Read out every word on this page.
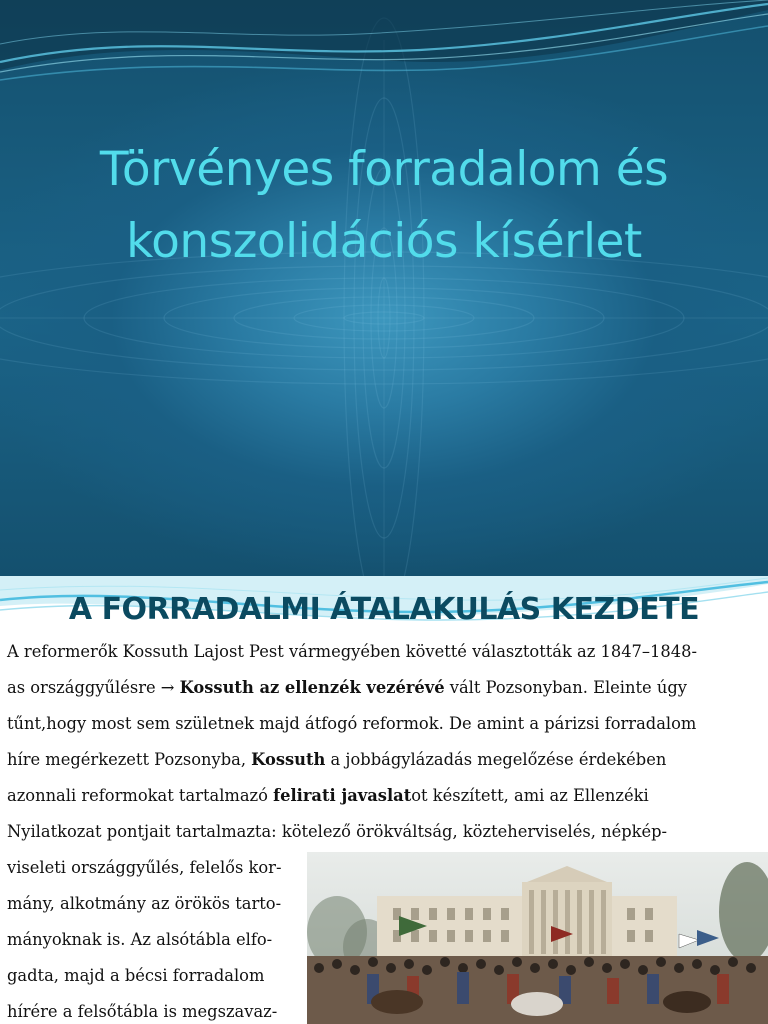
Törvényes forradalom és
konszolidációs kísérlet
A FORRADALMI ÁTALAKULÁS KEZDETE
A reformerők Kossuth Lajost Pest vármegyében követté választották az 1847–1848-
as országgyűlésre → Kossuth az ellenzék vezérévé vált Pozsonyban. Eleinte úgy
tűnt,hogy most sem születnek majd átfogó reformok. De amint a párizsi forradalom
híre megérkezett Pozsonyba, Kossuth a jobbágylázadás megelőzése érdekében
azonnali reformokat tartalmazó felirati javaslatot készített, ami az Ellenzéki
Nyilatkozat pontjait tartalmazta: kötelező örökváltság, közteherviselés, népkép-
viseleti országgyűlés, felelős kor-
mány, alkotmány az örökös tarto-
mányoknak is. Az alsótábla elfo-
gadta, majd a bécsi forradalom
hírére a felsőtábla is megszavaz-
